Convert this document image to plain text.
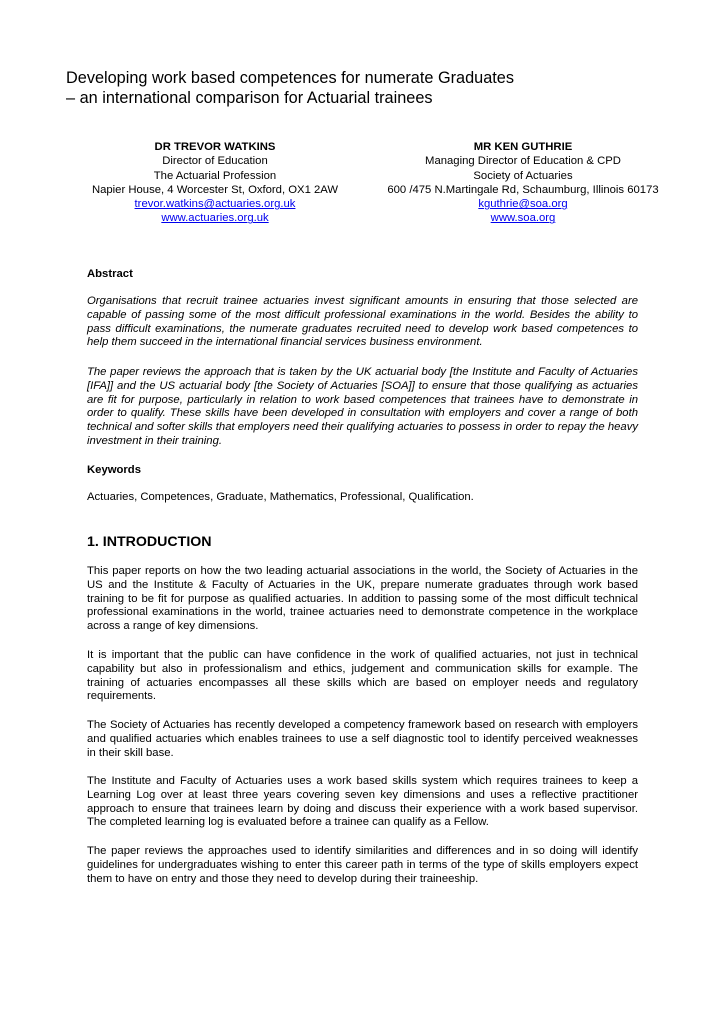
Developing work based competences for numerate Graduates
– an international comparison for Actuarial trainees
DR TREVOR WATKINS
Director of Education
The Actuarial Profession
Napier House, 4 Worcester St, Oxford, OX1 2AW
trevor.watkins@actuaries.org.uk
www.actuaries.org.uk
MR KEN GUTHRIE
Managing Director of Education & CPD
Society of Actuaries
600 /475 N.Martingale Rd, Schaumburg, Illinois 60173
kguthrie@soa.org
www.soa.org
Abstract

Organisations that recruit trainee actuaries invest significant amounts in ensuring that those selected are capable of passing some of the most difficult professional examinations in the world. Besides the ability to pass difficult examinations, the numerate graduates recruited need to develop work based competences to help them succeed in the international financial services business environment.

The paper reviews the approach that is taken by the UK actuarial body [the Institute and Faculty of Actuaries [IFA]] and the US actuarial body [the Society of Actuaries [SOA]] to ensure that those qualifying as actuaries are fit for purpose, particularly in relation to work based competences that trainees have to demonstrate in order to qualify. These skills have been developed in consultation with employers and cover a range of both technical and softer skills that employers need their qualifying actuaries to possess in order to repay the heavy investment in their training.

Keywords

Actuaries, Competences, Graduate, Mathematics, Professional, Qualification.

1. INTRODUCTION

This paper reports on how the two leading actuarial associations in the world, the Society of Actuaries in the US and the Institute & Faculty of Actuaries in the UK, prepare numerate graduates through work based training to be fit for purpose as qualified actuaries. In addition to passing some of the most difficult technical professional examinations in the world, trainee actuaries need to demonstrate competence in the workplace across a range of key dimensions.

It is important that the public can have confidence in the work of qualified actuaries, not just in technical capability but also in professionalism and ethics, judgement and communication skills for example. The training of actuaries encompasses all these skills which are based on employer needs and regulatory requirements.

The Society of Actuaries has recently developed a competency framework based on research with employers and qualified actuaries which enables trainees to use a self diagnostic tool to identify perceived weaknesses in their skill base.

The Institute and Faculty of Actuaries uses a work based skills system which requires trainees to keep a Learning Log over at least three years covering seven key dimensions and uses a reflective practitioner approach to ensure that trainees learn by doing and discuss their experience with a work based supervisor. The completed learning log is evaluated before a trainee can qualify as a Fellow.

The paper reviews the approaches used to identify similarities and differences and in so doing will identify guidelines for undergraduates wishing to enter this career path in terms of the type of skills employers expect them to have on entry and those they need to develop during their traineeship.
